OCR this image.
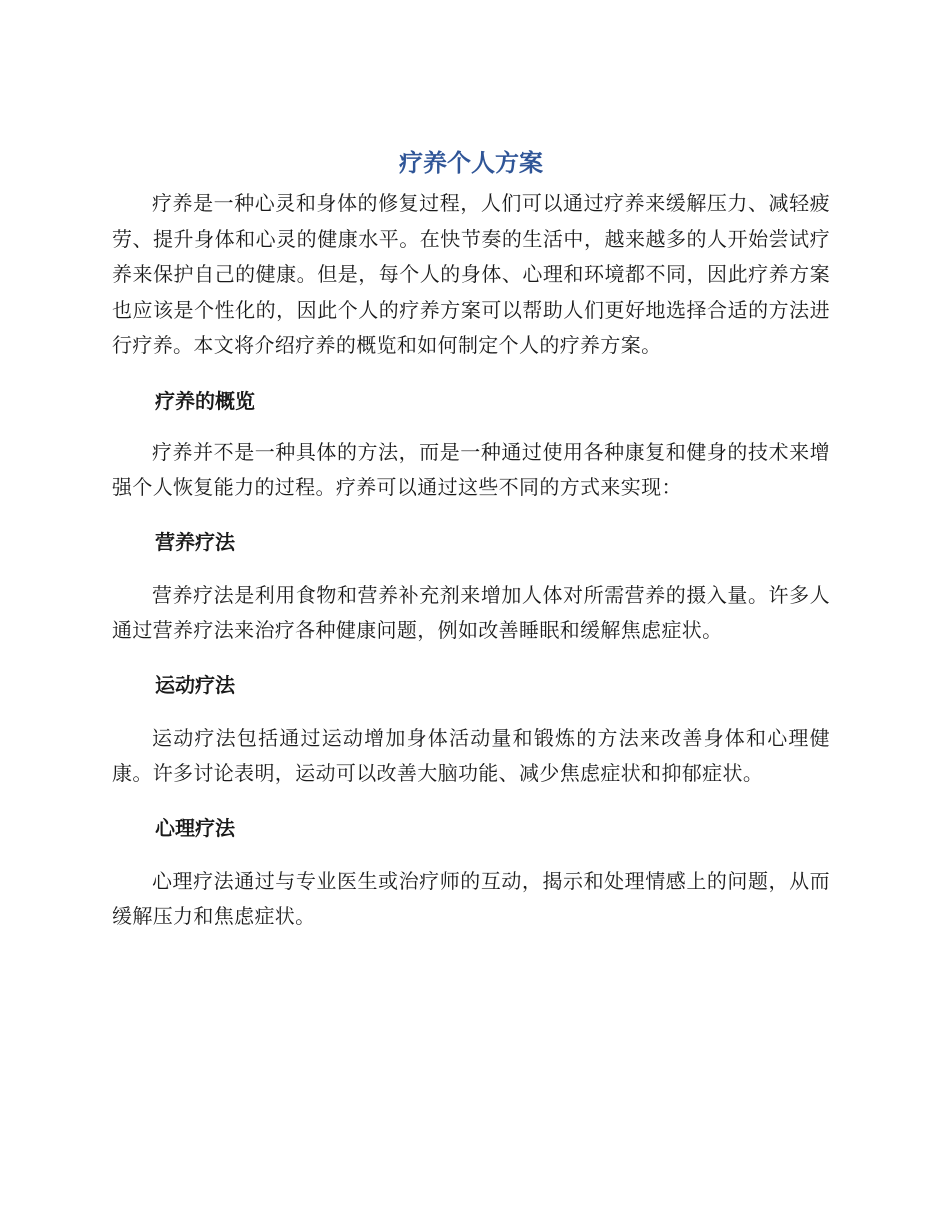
疗养个人方案

疗养是一种心灵和身体的修复过程，人们可以通过疗养来缓解压力、减轻疲劳、提升身体和心灵的健康水平。在快节奏的生活中，越来越多的人开始尝试疗养来保护自己的健康。但是，每个人的身体、心理和环境都不同，因此疗养方案也应该是个性化的，因此个人的疗养方案可以帮助人们更好地选择合适的方法进行疗养。本文将介绍疗养的概览和如何制定个人的疗养方案。

疗养的概览

疗养并不是一种具体的方法，而是一种通过使用各种康复和健身的技术来增强个人恢复能力的过程。疗养可以通过这些不同的方式来实现：

营养疗法

营养疗法是利用食物和营养补充剂来增加人体对所需营养的摄入量。许多人通过营养疗法来治疗各种健康问题，例如改善睡眠和缓解焦虑症状。

运动疗法

运动疗法包括通过运动增加身体活动量和锻炼的方法来改善身体和心理健康。许多讨论表明，运动可以改善大脑功能、减少焦虑症状和抑郁症状。

心理疗法

心理疗法通过与专业医生或治疗师的互动，揭示和处理情感上的问题，从而缓解压力和焦虑症状。
